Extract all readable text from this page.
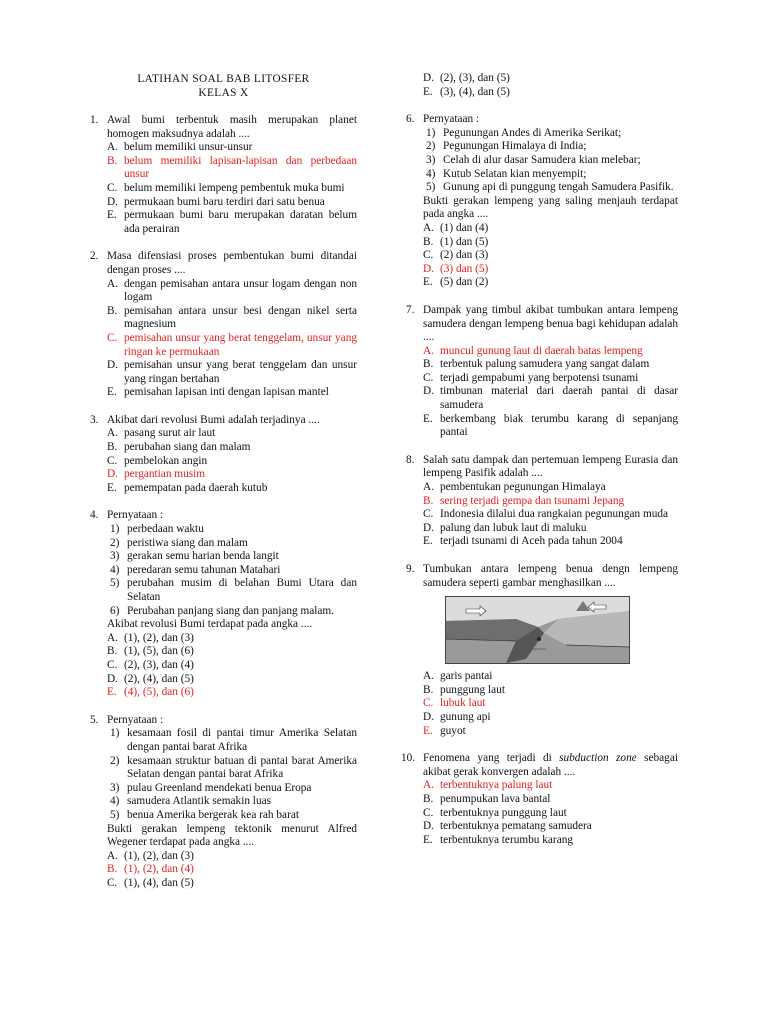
LATIHAN SOAL BAB LITOSFER
KELAS X
1. Awal bumi terbentuk masih merupakan planet homogen maksudnya adalah ....
A. belum memiliki unsur-unsur
B. belum memiliki lapisan-lapisan dan perbedaan unsur
C. belum memiliki lempeng pembentuk muka bumi
D. permukaan bumi baru terdiri dari satu benua
E. permukaan bumi baru merupakan daratan belum ada perairan
2. Masa difensiasi proses pembentukan bumi ditandai dengan proses ....
A. dengan pemisahan antara unsur logam dengan non logam
B. pemisahan antara unsur besi dengan nikel serta magnesium
C. pemisahan unsur yang berat tenggelam, unsur yang ringan ke permukaan
D. pemisahan unsur yang berat tenggelam dan unsur yang ringan bertahan
E. pemisahan lapisan inti dengan lapisan mantel
3. Akibat dari revolusi Bumi adalah terjadinya ....
A. pasang surut air laut
B. perubahan siang dan malam
C. pembelokan angin
D. pergantian musim
E. pemempatan pada daerah kutub
4. Pernyataan :
1) perbedaan waktu
2) peristiwa siang dan malam
3) gerakan semu harian benda langit
4) peredaran semu tahunan Matahari
5) perubahan musim di belahan Bumi Utara dan Selatan
6) Perubahan panjang siang dan panjang malam.
Akibat revolusi Bumi terdapat pada angka ....
A. (1), (2), dan (3)
B. (1), (5), dan (6)
C. (2), (3), dan (4)
D. (2), (4), dan (5)
E. (4), (5), dan (6)
5. Pernyataan :
1) kesamaan fosil di pantai timur Amerika Selatan dengan pantai barat Afrika
2) kesamaan struktur batuan di pantai barat Amerika Selatan dengan pantai barat Afrika
3) pulau Greenland mendekati benua Eropa
4) samudera Atlantik semakin luas
5) benua Amerika bergerak kea rah barat
Bukti gerakan lempeng tektonik menurut Alfred Wegener terdapat pada angka ....
A. (1), (2), dan (3)
B. (1), (2), dan (4)
C. (1), (4), dan (5)
D. (2), (3), dan (5)
E. (3), (4), dan (5)
6. Pernyataan :
1) Pegunungan Andes di Amerika Serikat;
2) Pegunungan Himalaya di India;
3) Celah di alur dasar Samudera kian melebar;
4) Kutub Selatan kian menyempit;
5) Gunung api di punggung tengah Samudera Pasifik.
Bukti gerakan lempeng yang saling menjauh terdapat pada angka ....
A. (1) dan (4)
B. (1) dan (5)
C. (2) dan (3)
D. (3) dan (5)
E. (5) dan (2)
7. Dampak yang timbul akibat tumbukan antara lempeng samudera dengan lempeng benua bagi kehidupan adalah ....
A. muncul gunung laut di daerah batas lempeng
B. terbentuk palung samudera yang sangat dalam
C. terjadi gempabumi yang berpotensi tsunami
D. timbunan material dari daerah pantai di dasar samudera
E. berkembang biak terumbu karang di sepanjang pantai
8. Salah satu dampak dan pertemuan lempeng Eurasia dan lempeng Pasifik adalah ....
A. pembentukan pegunungan Himalaya
B. sering terjadi gempa dan tsunami Jepang
C. Indonesia dilalui dua rangkaian pegunungan muda
D. palung dan lubuk laut di maluku
E. terjadi tsunami di Aceh pada tahun 2004
9. Tumbukan antara lempeng benua dengn lempeng samudera seperti gambar menghasilkan ....
A. garis pantai
B. punggung laut
C. lubuk laut
D. gunung api
E. guyot
10. Fenomena yang terjadi di subduction zone sebagai akibat gerak konvergen adalah ....
A. terbentuknya palung laut
B. penumpukan lava bantal
C. terbentuknya punggung laut
D. terbentuknya pematang samudera
E. terbentuknya terumbu karang
